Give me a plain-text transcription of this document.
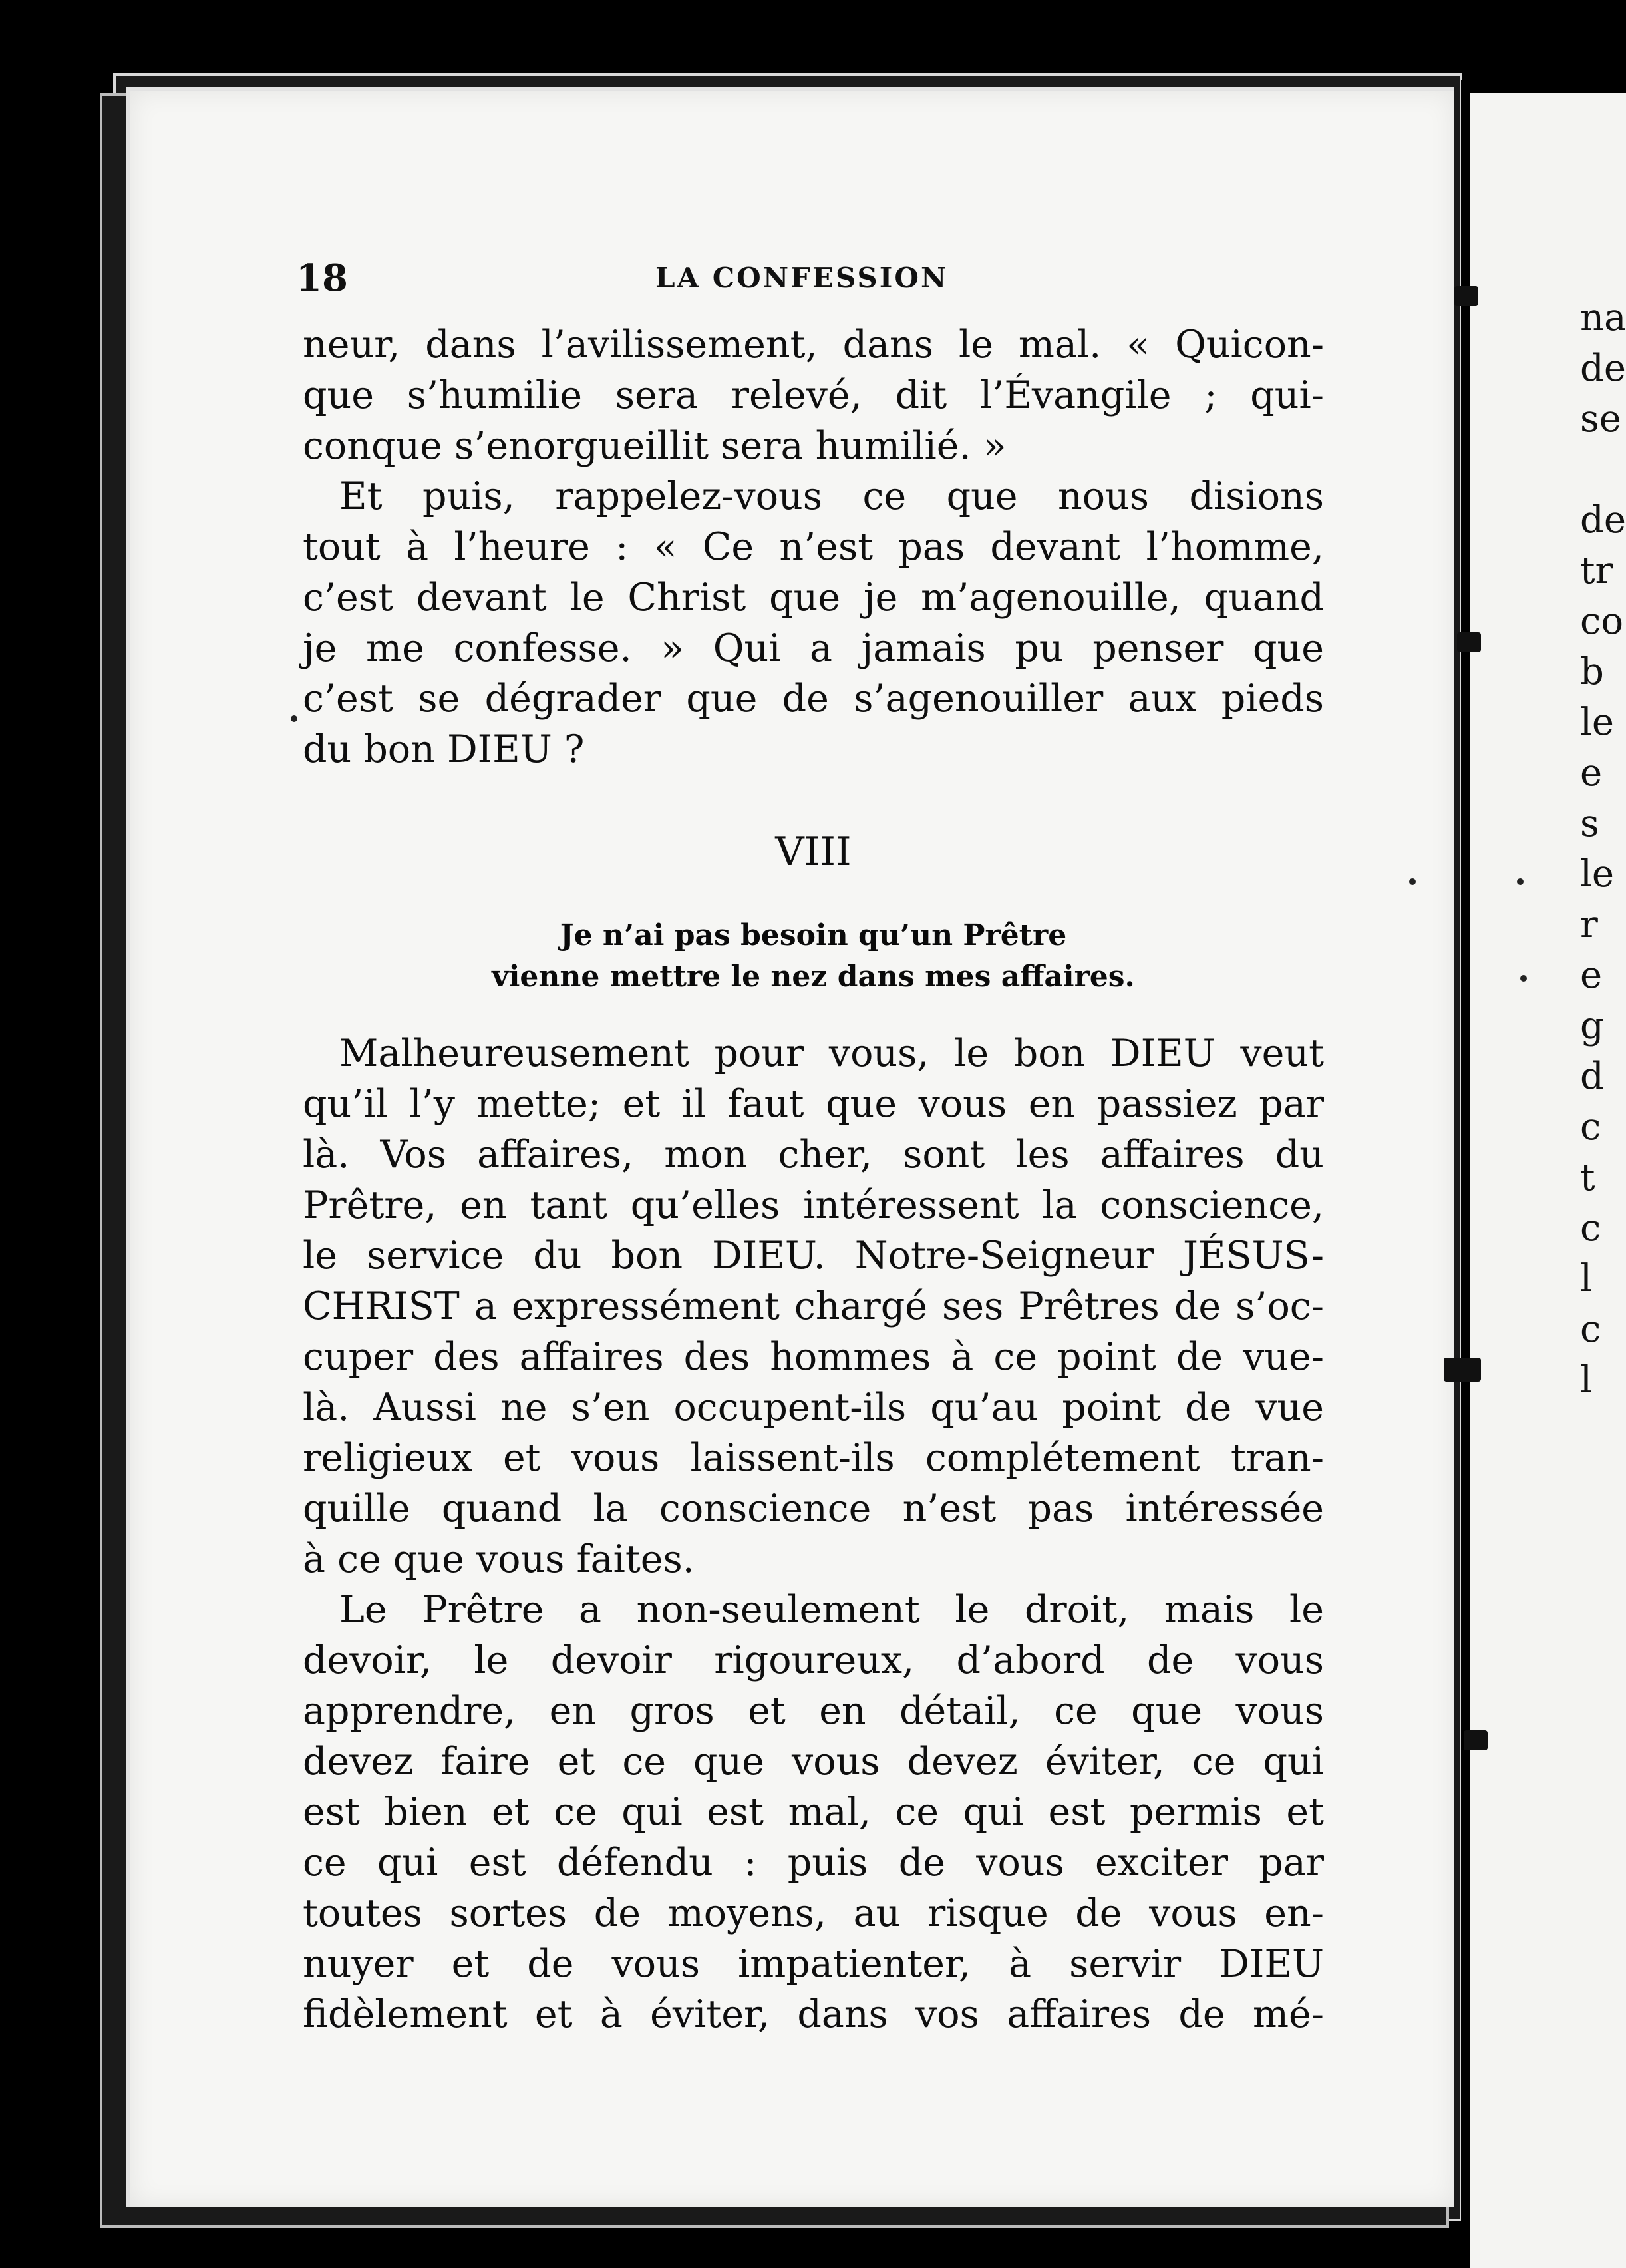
18	LA CONFESSION
neur, dans l’avilissement, dans le mal. « Quicon-
que s’humilie sera relevé, dit l’Évangile ; qui-
conque s’enorgueillit sera humilié. »
Et puis, rappelez-vous ce que nous disions
tout à l’heure : « Ce n’est pas devant l’homme,
c’est devant le Christ que je m’agenouille, quand
je me confesse. » Qui a jamais pu penser que
c’est se dégrader que de s’agenouiller aux pieds
du bon DIEU ?
VIII
Je n’ai pas besoin qu’un Prêtre
vienne mettre le nez dans mes affaires.
Malheureusement pour vous, le bon DIEU veut
qu’il l’y mette; et il faut que vous en passiez par
là. Vos affaires, mon cher, sont les affaires du
Prêtre, en tant qu’elles intéressent la conscience,
le service du bon DIEU. Notre-Seigneur JÉSUS-
CHRIST a expressément chargé ses Prêtres de s’oc-
cuper des affaires des hommes à ce point de vue-
là. Aussi ne s’en occupent-ils qu’au point de vue
religieux et vous laissent-ils complétement tran-
quille quand la conscience n’est pas intéressée
à ce que vous faites.
Le Prêtre a non-seulement le droit, mais le
devoir, le devoir rigoureux, d’abord de vous
apprendre, en gros et en détail, ce que vous
devez faire et ce que vous devez éviter, ce qui
est bien et ce qui est mal, ce qui est permis et
ce qui est défendu : puis de vous exciter par
toutes sortes de moyens, au risque de vous en-
nuyer et de vous impatienter, à servir DIEU
fidèlement et à éviter, dans vos affaires de mé-
na
de
se
de
tr
co
b
le
e
s
le
r
e
g
d
c
t
c
l
c
l
